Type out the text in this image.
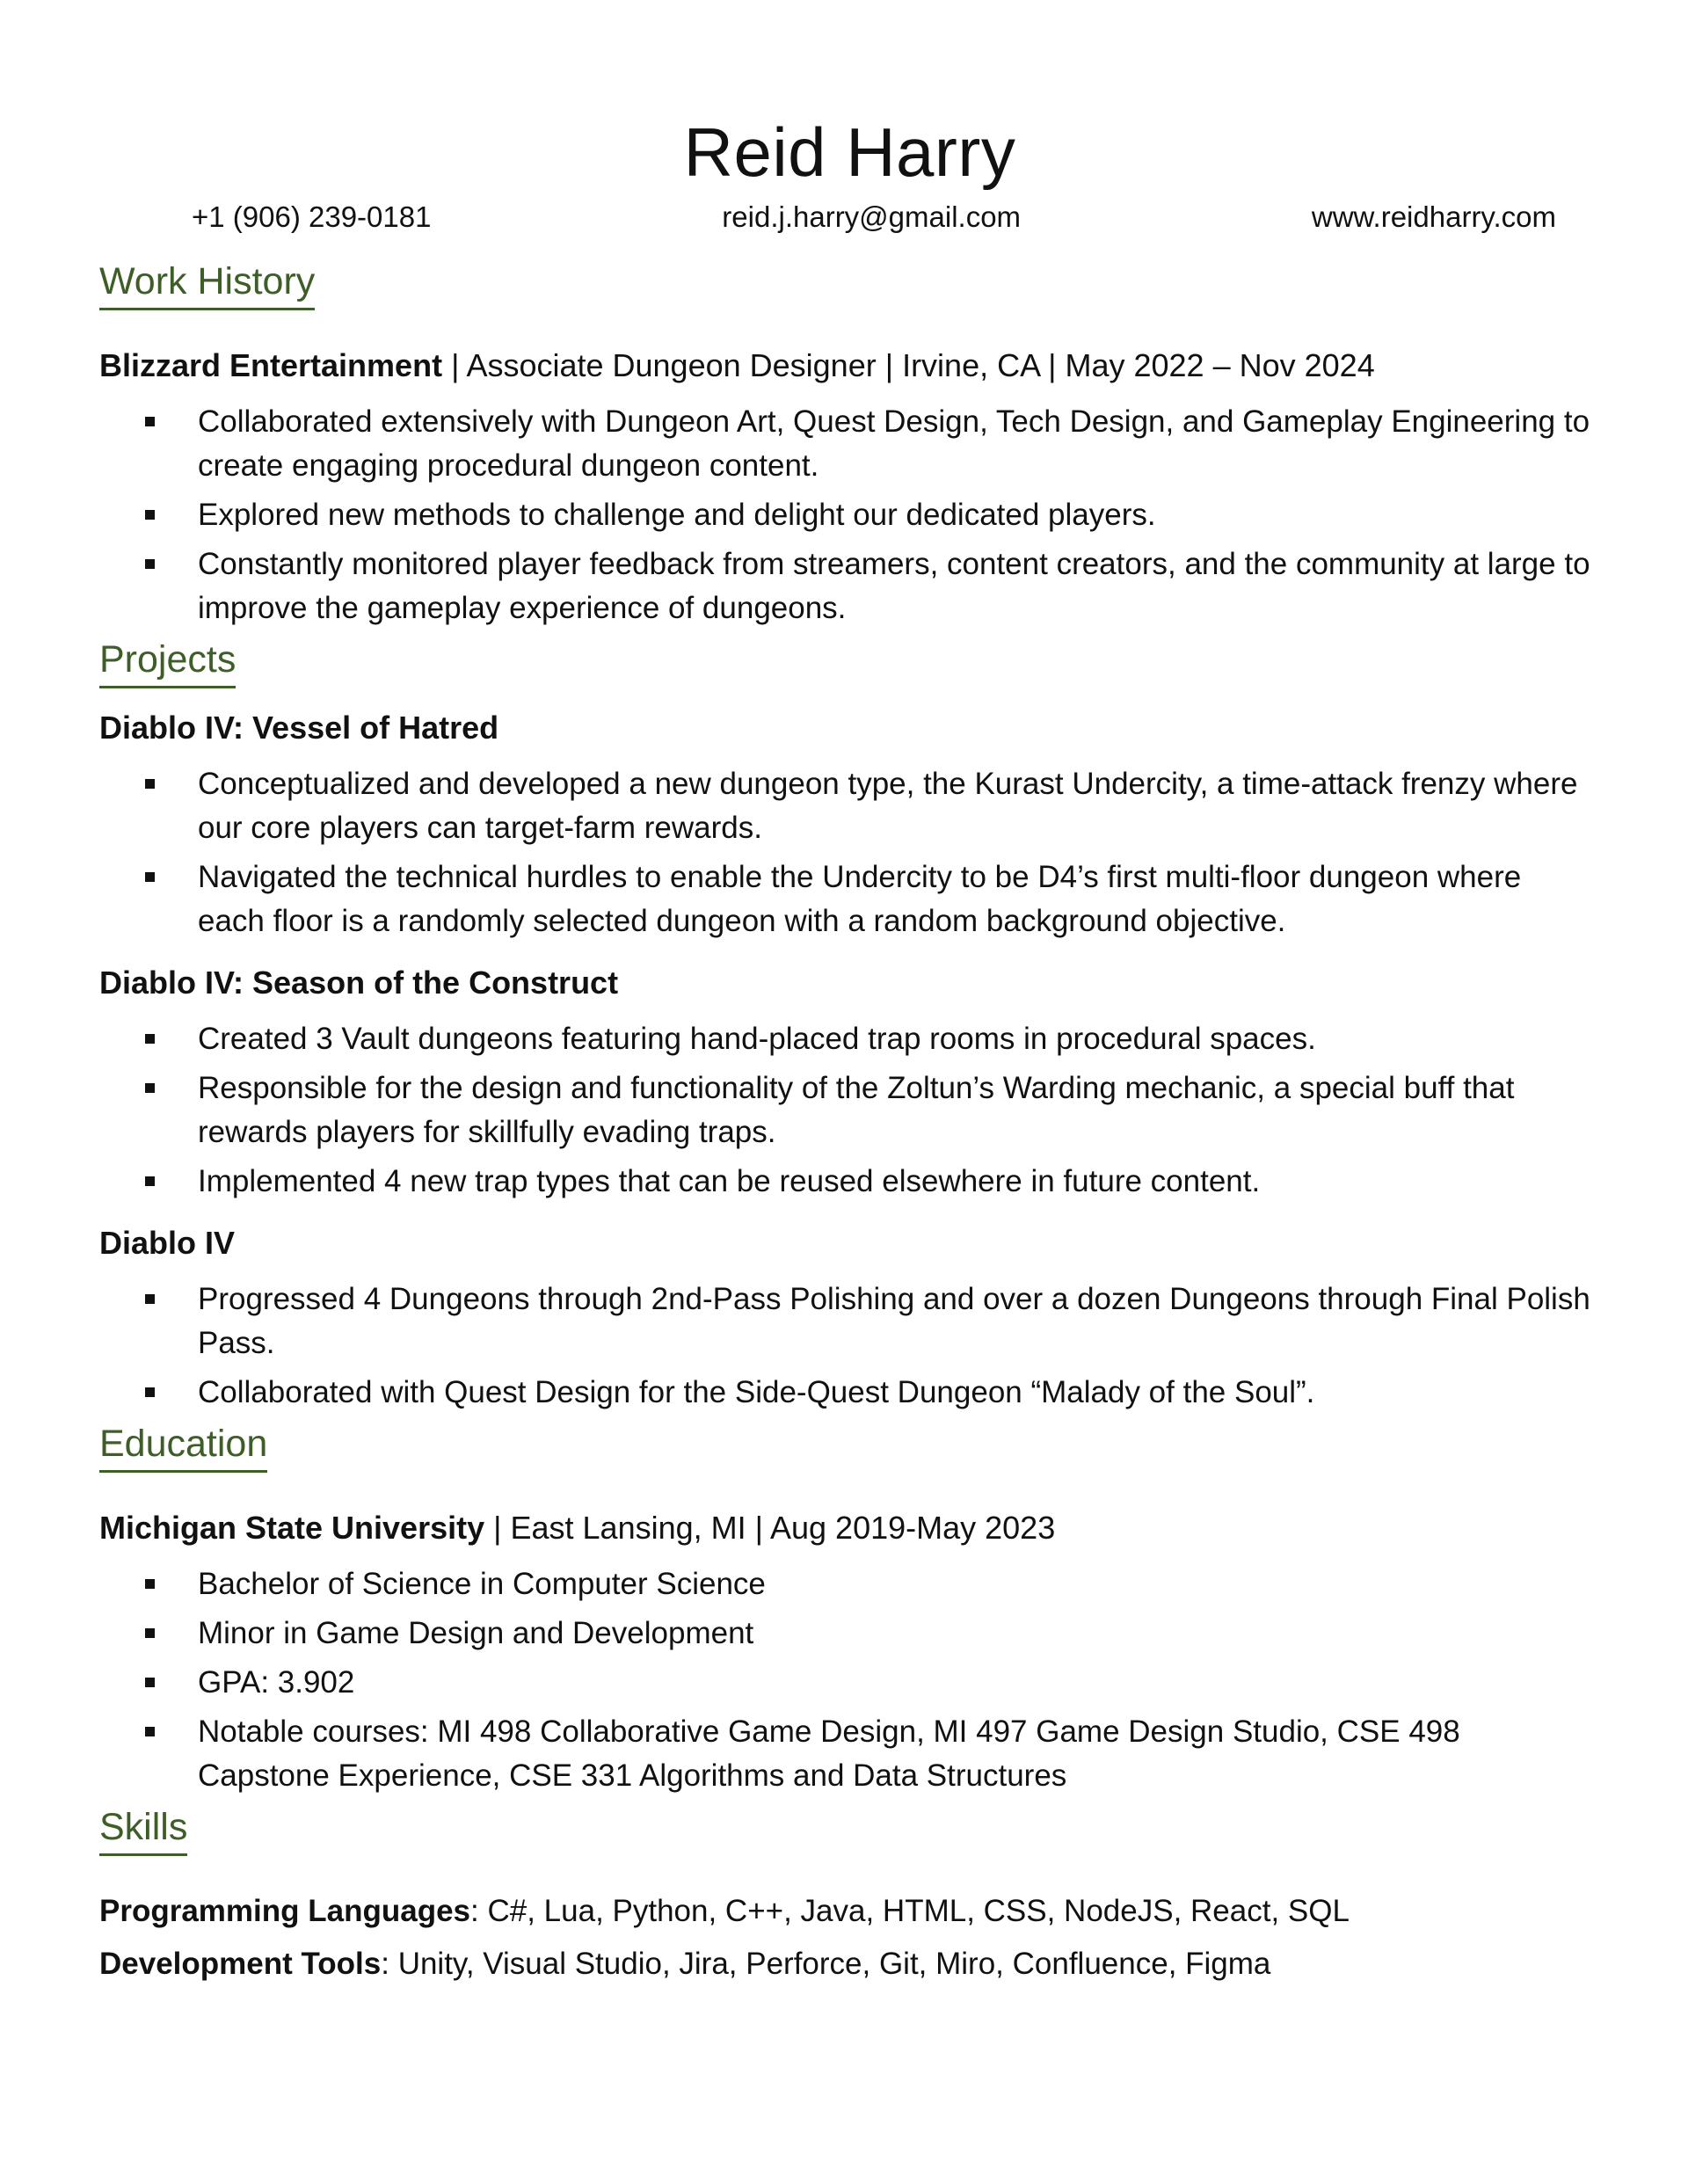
Reid Harry
+1 (906) 239-0181	reid.j.harry@gmail.com	www.reidharry.com
Work History

Blizzard Entertainment | Associate Dungeon Designer | Irvine, CA | May 2022 – Nov 2024

Collaborated extensively with Dungeon Art, Quest Design, Tech Design, and Gameplay Engineering to create engaging procedural dungeon content.
Explored new methods to challenge and delight our dedicated players.
Constantly monitored player feedback from streamers, content creators, and the community at large to improve the gameplay experience of dungeons.
Projects

Diablo IV: Vessel of Hatred

Conceptualized and developed a new dungeon type, the Kurast Undercity, a time-attack frenzy where our core players can target-farm rewards.
Navigated the technical hurdles to enable the Undercity to be D4’s first multi-floor dungeon where each floor is a randomly selected dungeon with a random background objective.

Diablo IV: Season of the Construct

Created 3 Vault dungeons featuring hand-placed trap rooms in procedural spaces.
Responsible for the design and functionality of the Zoltun’s Warding mechanic, a special buff that rewards players for skillfully evading traps.
Implemented 4 new trap types that can be reused elsewhere in future content.

Diablo IV

Progressed 4 Dungeons through 2nd-Pass Polishing and over a dozen Dungeons through Final Polish Pass.
Collaborated with Quest Design for the Side-Quest Dungeon “Malady of the Soul”.
Education

Michigan State University | East Lansing, MI | Aug 2019-May 2023

Bachelor of Science in Computer Science
Minor in Game Design and Development
GPA: 3.902
Notable courses: MI 498 Collaborative Game Design, MI 497 Game Design Studio, CSE 498 Capstone Experience, CSE 331 Algorithms and Data Structures
Skills

Programming Languages: C#, Lua, Python, C++, Java, HTML, CSS, NodeJS, React, SQL

Development Tools: Unity, Visual Studio, Jira, Perforce, Git, Miro, Confluence, Figma
